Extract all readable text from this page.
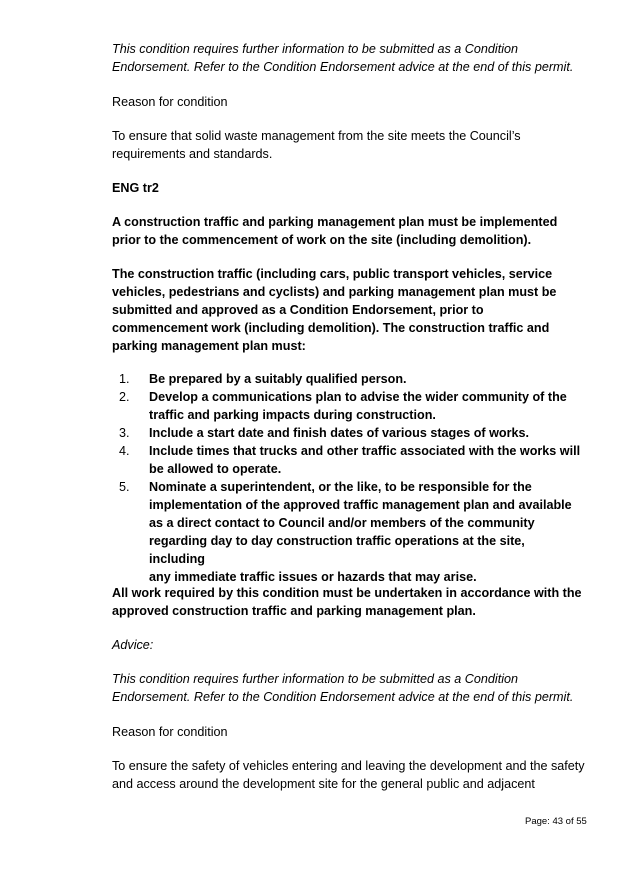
This condition requires further information to be submitted as a Condition
Endorsement. Refer to the Condition Endorsement advice at the end of this permit.
Reason for condition
To ensure that solid waste management from the site meets the Council’s
requirements and standards.
ENG tr2
A construction traffic and parking management plan must be implemented
prior to the commencement of work on the site (including demolition).
The construction traffic (including cars, public transport vehicles, service
vehicles, pedestrians and cyclists) and parking management plan must be
submitted and approved as a Condition Endorsement, prior to
commencement work (including demolition). The construction traffic and
parking management plan must:
1. Be prepared by a suitably qualified person.
2. Develop a communications plan to advise the wider community of the
traffic and parking impacts during construction.
3. Include a start date and finish dates of various stages of works.
4. Include times that trucks and other traffic associated with the works will
be allowed to operate.
5. Nominate a superintendent, or the like, to be responsible for the
implementation of the approved traffic management plan and available
as a direct contact to Council and/or members of the community
regarding day to day construction traffic operations at the site, including
any immediate traffic issues or hazards that may arise.
All work required by this condition must be undertaken in accordance with the
approved construction traffic and parking management plan.
Advice:
This condition requires further information to be submitted as a Condition
Endorsement. Refer to the Condition Endorsement advice at the end of this permit.
Reason for condition
To ensure the safety of vehicles entering and leaving the development and the safety
and access around the development site for the general public and adjacent
Page: 43 of 55
